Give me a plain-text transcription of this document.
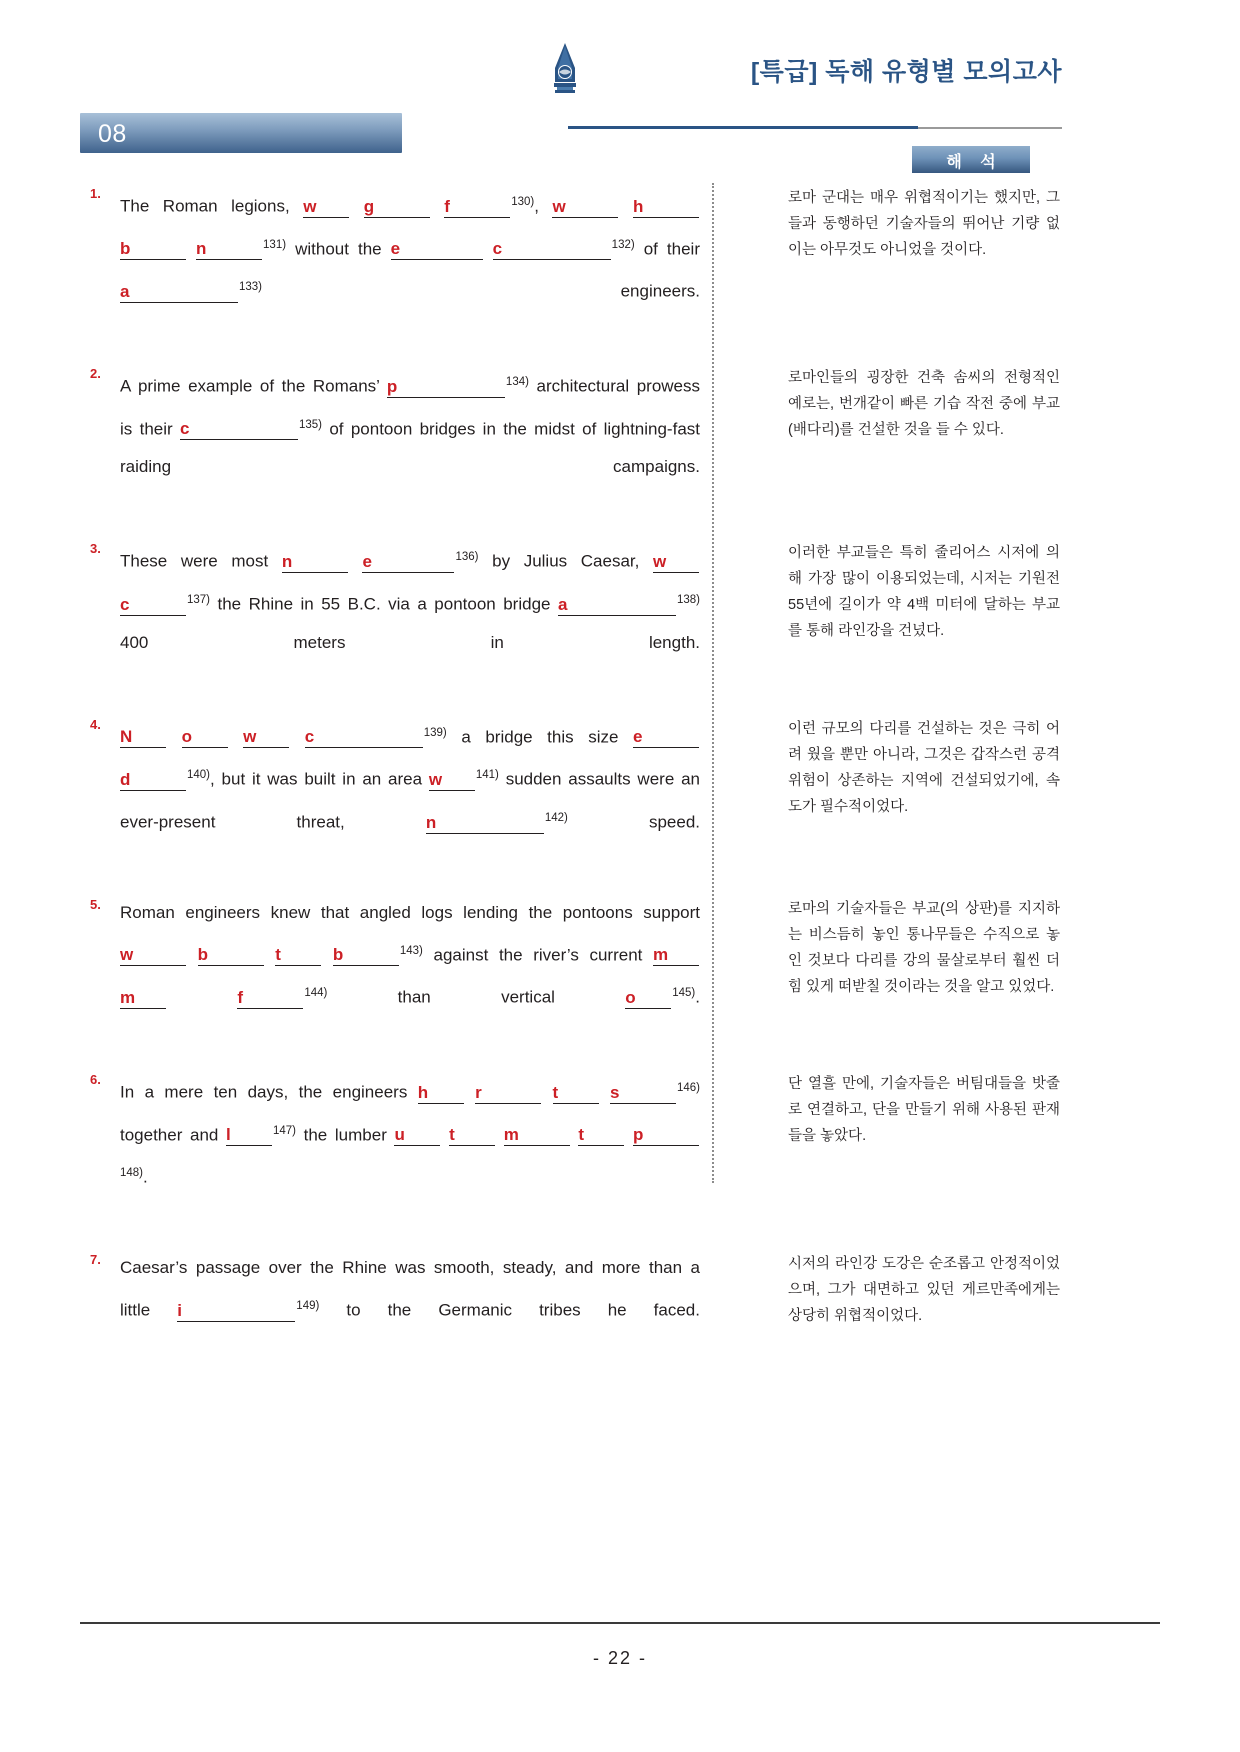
[특급] 독해 유형별 모의고사
08
해 석
1.
The Roman legions, w	g	f	$^{130)}$, w	h b	n	$^{131)}$ without the e	c	$^{132)}$ of their a	$^{133)}$ engineers.
로마 군대는 매우 위협적이기는 했지만, 그들과 동행하던 기술자들의 뛰어난 기량 없이는 아무것도 아니었을 것이다.
2.
A prime example of the Romans’ p	$^{134)}$ architectural prowess is their c	$^{135)}$ of pontoon bridges in the midst of lightning-fast raiding campaigns.
로마인들의 굉장한 건축 솜씨의 전형적인 예로는, 번개같이 빠른 기습 작전 중에 부교(배다리)를 건설한 것을 들 수 있다.
3.
These were most n	e	$^{136)}$ by Julius Caesar, w c	$^{137)}$ the Rhine in 55 B.C. via a pontoon bridge a	$^{138)}$ 400 meters in length.
이러한 부교들은 특히 줄리어스 시저에 의해 가장 많이 이용되었는데, 시저는 기원전 55년에 길이가 약 4백 미터에 달하는 부교를 통해 라인강을 건넜다.
4.
N	o	w	c	$^{139)}$ a bridge this size e d	$^{140)}$, but it was built in an area w	$^{141)}$ sudden assaults were an ever-present threat, n	$^{142)}$ speed.
이런 규모의 다리를 건설하는 것은 극히 어려 웠을 뿐만 아니라, 그것은 갑작스런 공격 위험이 상존하는 지역에 건설되었기에, 속도가 필수적이었다.
5. Roman engineers knew that angled logs lending the pontoons support w	b	t	b	$^{143)}$ against the river’s current m m	f	$^{144)}$ than vertical o	$^{145)}$.
로마의 기술자들은 부교(의 상판)를 지지하는 비스듬히 놓인 통나무들은 수직으로 놓인 것보다 다리를 강의 물살로부터 훨씬 더 힘 있게 떠받칠 것이라는 것을 알고 있었다.
6.
In a mere ten days, the engineers h	r	t	s	$^{146)}$ together and l	$^{147)}$ the lumber u	t	m	t	$p^{148)}$.
단 열흘 만에, 기술자들은 버팀대들을 밧줄로 연결하고, 단을 만들기 위해 사용된 판재들을 놓았다.
7. Caesar’s passage over the Rhine was smooth, steady, and more than a little i	$^{149)}$ to the Germanic tribes he faced.
시저의 라인강 도강은 순조롭고 안정적이었으며, 그가 대면하고 있던 게르만족에게는 상당히 위협적이었다.
- 22 -
